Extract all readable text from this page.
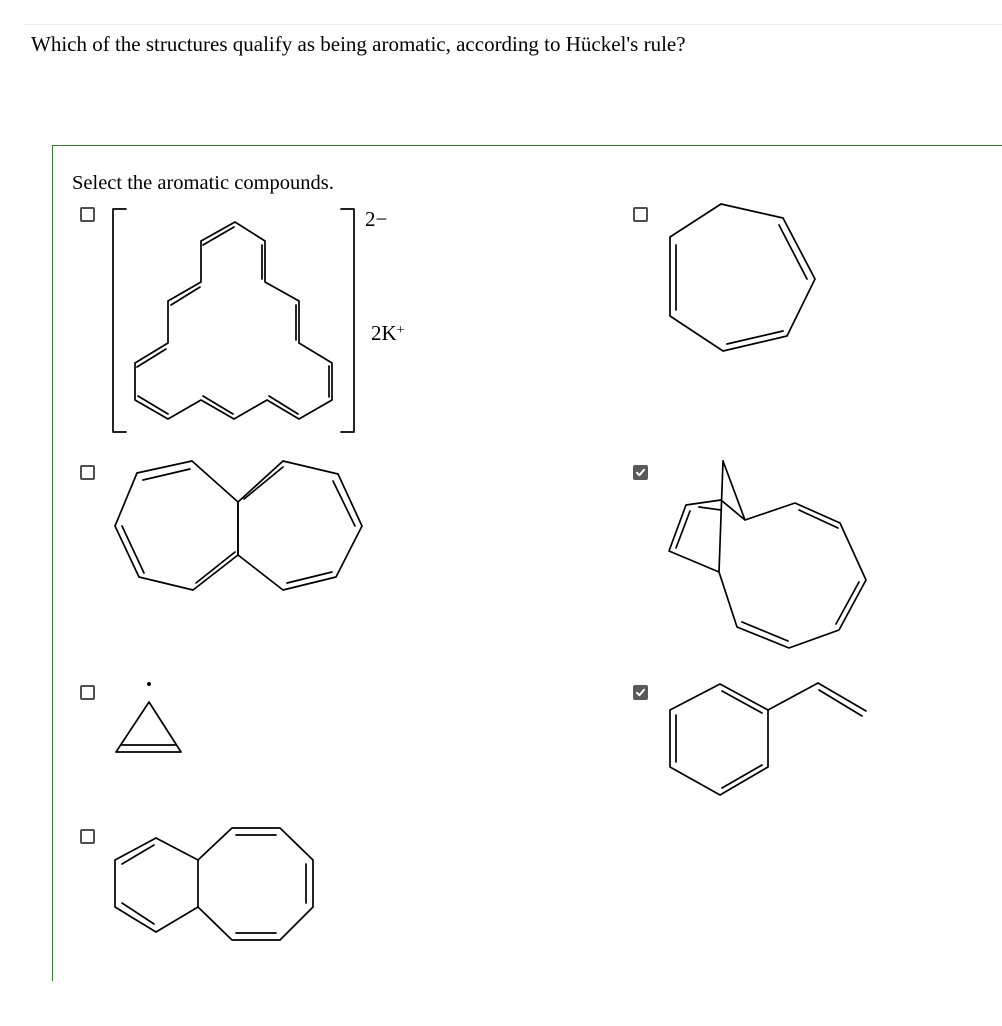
Which of the structures qualify as being aromatic, according to Hückel's rule?
Select the aromatic compounds.
2−
2K+
